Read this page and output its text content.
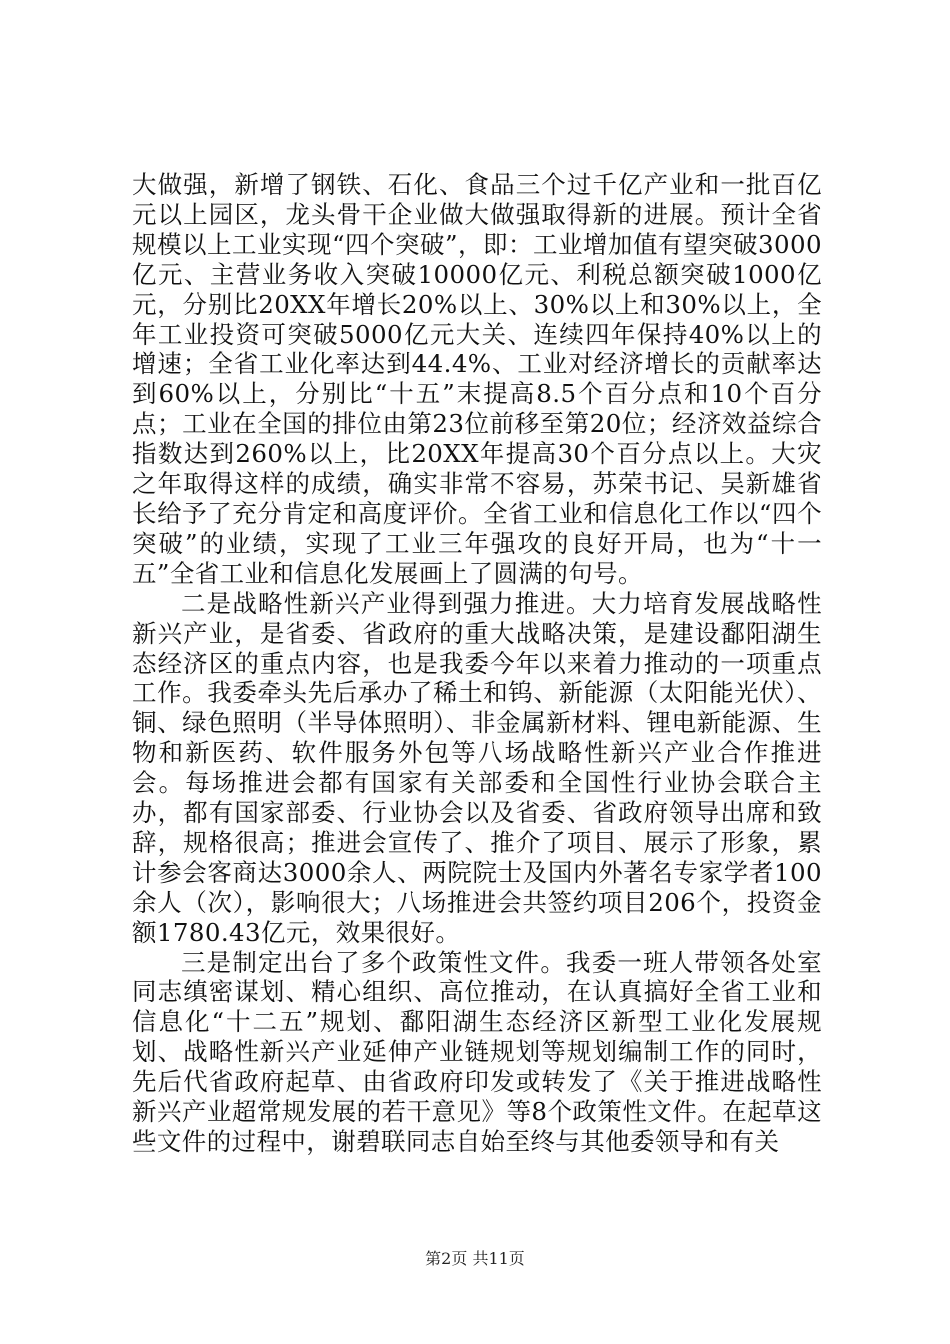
大做强，新增了钢铁、石化、食品三个过千亿产业和一批百亿元以上园区，龙头骨干企业做大做强取得新的进展。预计全省规模以上工业实现“四个突破”，即：工业增加值有望突破3000亿元、主营业务收入突破10000亿元、利税总额突破1000亿元，分别比20XX年增长20%以上、30%以上和30%以上，全年工业投资可突破5000亿元大关、连续四年保持40%以上的增速；全省工业化率达到44.4%、工业对经济增长的贡献率达到60%以上，分别比“十五”末提高8.5个百分点和10个百分点；工业在全国的排位由第23位前移至第20位；经济效益综合指数达到260%以上，比20XX年提高30个百分点以上。大灾之年取得这样的成绩，确实非常不容易，苏荣书记、吴新雄省长给予了充分肯定和高度评价。全省工业和信息化工作以“四个突破”的业绩，实现了工业三年强攻的良好开局，也为“十一五”全省工业和信息化发展画上了圆满的句号。

二是战略性新兴产业得到强力推进。大力培育发展战略性新兴产业，是省委、省政府的重大战略决策，是建设鄱阳湖生态经济区的重点内容，也是我委今年以来着力推动的一项重点工作。我委牵头先后承办了稀土和钨、新能源（太阳能光伏）、铜、绿色照明（半导体照明）、非金属新材料、锂电新能源、生物和新医药、软件服务外包等八场战略性新兴产业合作推进会。每场推进会都有国家有关部委和全国性行业协会联合主办，都有国家部委、行业协会以及省委、省政府领导出席和致辞，规格很高；推进会宣传了、推介了项目、展示了形象，累计参会客商达3000余人、两院院士及国内外著名专家学者100余人（次），影响很大；八场推进会共签约项目206个，投资金额1780.43亿元，效果很好。

三是制定出台了多个政策性文件。我委一班人带领各处室同志缜密谋划、精心组织、高位推动，在认真搞好全省工业和信息化“十二五”规划、鄱阳湖生态经济区新型工业化发展规划、战略性新兴产业延伸产业链规划等规划编制工作的同时，先后代省政府起草、由省政府印发或转发了《关于推进战略性新兴产业超常规发展的若干意见》等8个政策性文件。在起草这些文件的过程中，谢碧联同志自始至终与其他委领导和有关

第2页 共11页
